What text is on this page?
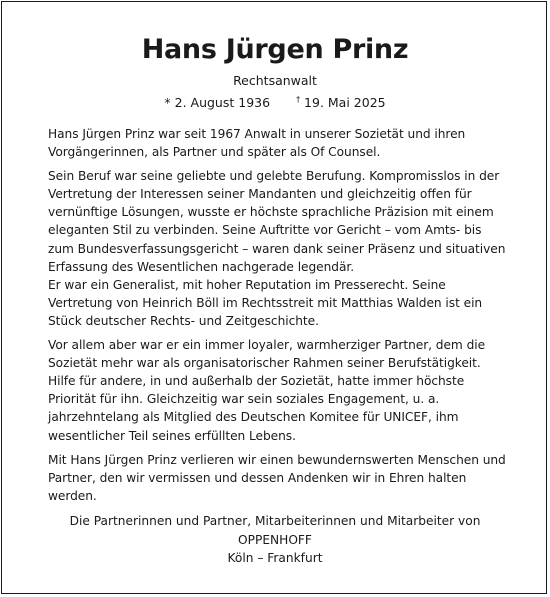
Hans Jürgen Prinz
Rechtsanwalt
* 2. August 1936	† 19. Mai 2025

Hans Jürgen Prinz war seit 1967 Anwalt in unserer Sozietät und ihren Vorgängerinnen, als Partner und später als Of Counsel.

Sein Beruf war seine geliebte und gelebte Berufung. Kompromisslos in der Vertretung der Interessen seiner Mandanten und gleichzeitig offen für vernünftige Lösungen, wusste er höchste sprachliche Präzision mit einem eleganten Stil zu verbinden. Seine Auftritte vor Gericht – vom Amts- bis zum Bundesverfassungsgericht – waren dank seiner Präsenz und situativen Erfassung des Wesentlichen nachgerade legendär.

Er war ein Generalist, mit hoher Reputation im Presserecht. Seine Vertretung von Heinrich Böll im Rechtsstreit mit Matthias Walden ist ein Stück deutscher Rechts- und Zeitgeschichte.

Vor allem aber war er ein immer loyaler, warmherziger Partner, dem die Sozietät mehr war als organisatorischer Rahmen seiner Berufstätigkeit. Hilfe für andere, in und außerhalb der Sozietät, hatte immer höchste Priorität für ihn. Gleichzeitig war sein soziales Engagement, u. a. jahrzehntelang als Mitglied des Deutschen Komitee für UNICEF, ihm wesentlicher Teil seines erfüllten Lebens.

Mit Hans Jürgen Prinz verlieren wir einen bewundernswerten Menschen und Partner, den wir vermissen und dessen Andenken wir in Ehren halten werden.

Die Partnerinnen und Partner, Mitarbeiterinnen und Mitarbeiter von
OPPENHOFF
Köln – Frankfurt
